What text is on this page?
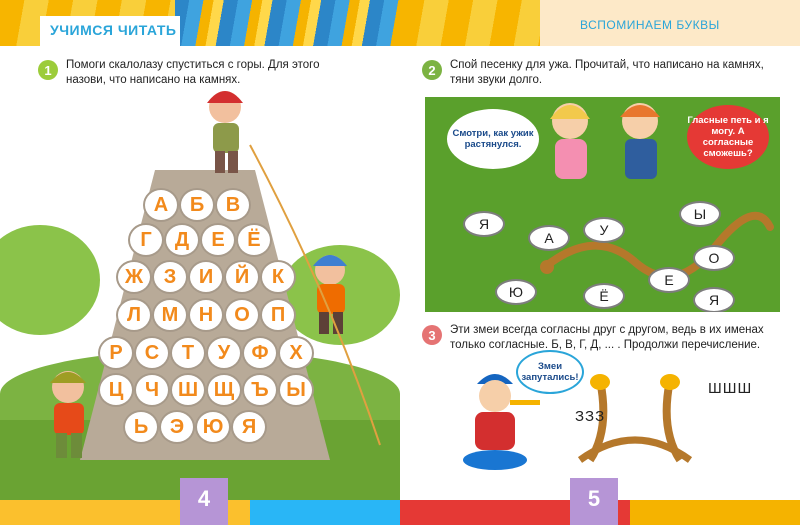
УЧИМСЯ ЧИТАТЬ
1	Помоги скалолазу спуститься с горы. Для этого
назови, что написано на камнях.
А	Б	В
Г	Д	Е	Ё
Ж	З	И	Й	К
Л	М	Н	О	П
Р	С	Т	У	Ф	Х
Ц	Ч Ш Щ Ъ Ы
Ь	Э Ю Я
4
ВСПОМИНАЕМ БУКВЫ
2	Спой песенку для ужа. Прочитай, что написано на камнях,
тяни звуки долго.
Смотри, как ужик растянулся.
Гласные петь и я могу. А согласные сможешь?
Я
А	У
Ы
О
Е
Ю	Ё	Я
3	Эти змеи всегда согласны друг с другом, ведь в их именах
только согласные. Б, В, Г, Д, ... . Продолжи перечисление.
Змеи запутались!
ЗЗЗ
ШШШ
5
